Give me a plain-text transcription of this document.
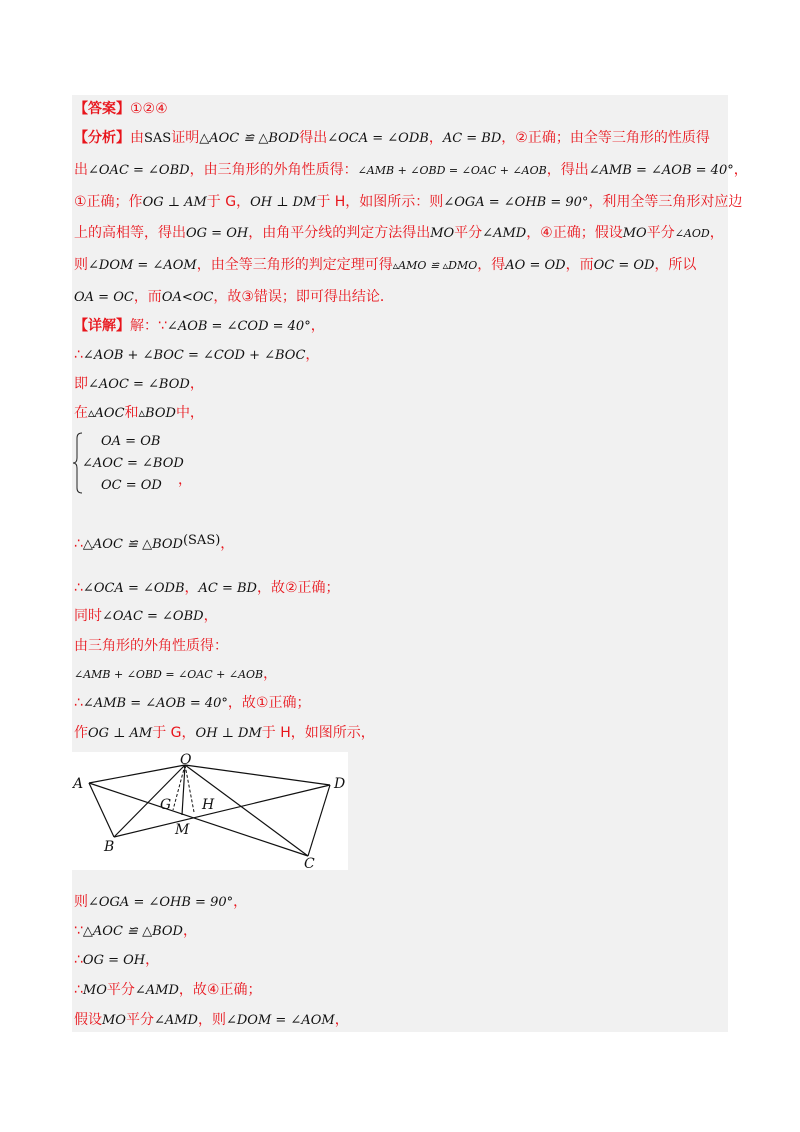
【答案】①②④
【分析】由SAS证明△AOC ≌ △BOD得出∠OCA = ∠ODB，AC = BD，②正确；由全等三角形的性质得
出∠OAC = ∠OBD，由三角形的外角性质得：∠AMB + ∠OBD = ∠OAC + ∠AOB，得出∠AMB = ∠AOB = 40°，
①正确；作OG ⊥ AM于 G，OH ⊥ DM于 H，如图所示：则∠OGA = ∠OHB = 90°，利用全等三角形对应边
上的高相等，得出OG = OH，由角平分线的判定方法得出MO平分∠AMD，④正确；假设MO平分∠AOD，
则∠DOM = ∠AOM，由全等三角形的判定定理可得▵AMO ≌ ▵DMO，得AO = OD，而OC = OD，所以
OA = OC，而OA<OC，故③错误；即可得出结论．
【详解】解：∵∠AOB = ∠COD = 40°，
∴∠AOB + ∠BOC = ∠COD + ∠BOC，
即∠AOC = ∠BOD，
在▵AOC和▵BOD中，
OA = OB
∠AOC = ∠BOD
OC = OD ，
∴△AOC ≌ △BOD(SAS)，
∴∠OCA = ∠ODB，AC = BD，故②正确；
同时∠OAC = ∠OBD，
由三角形的外角性质得：
∠AMB + ∠OBD = ∠OAC + ∠AOB，
∴∠AMB = ∠AOB = 40°，故①正确；
作OG ⊥ AM于 G，OH ⊥ DM于 H，如图所示，
A
O
D
G H
M
B
C
则∠OGA = ∠OHB = 90°，
∵△AOC ≌ △BOD，
∴OG = OH，
∴MO平分∠AMD，故④正确；
假设MO平分∠AMD，则∠DOM = ∠AOM，
